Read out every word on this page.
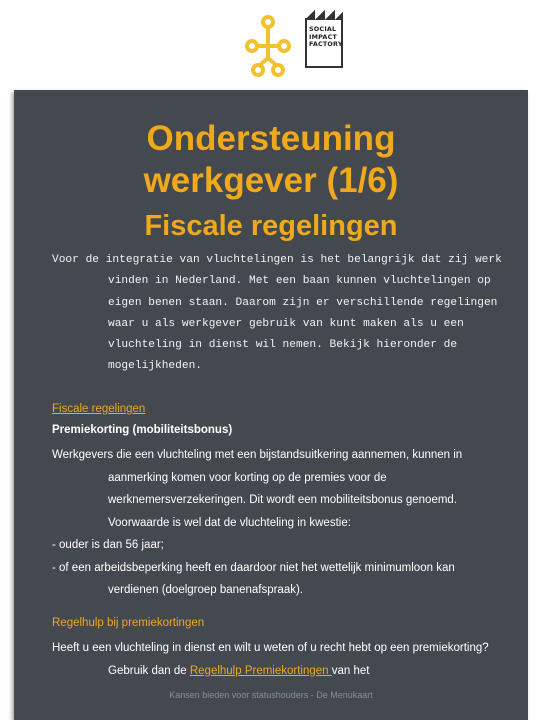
SOCIAL
IMPACT
FACTORY
Ondersteuning
werkgever (1/6)
Fiscale regelingen

Voor de integratie van vluchtelingen is het belangrijk dat zij werk vinden in Nederland. Met een baan kunnen vluchtelingen op eigen benen staan. Daarom zijn er verschillende regelingen waar u als werkgever gebruik van kunt maken als u een vluchteling in dienst wil nemen. Bekijk hieronder de mogelijkheden.

Fiscale regelingen
Premiekorting (mobiliteitsbonus)
Werkgevers die een vluchteling met een bijstandsuitkering aannemen, kunnen in aanmerking komen voor korting op de premies voor de werknemersverzekeringen. Dit wordt een mobiliteitsbonus genoemd. Voorwaarde is wel dat de vluchteling in kwestie:
- ouder is dan 56 jaar;
- of een arbeidsbeperking heeft en daardoor niet het wettelijk minimumloon kan verdienen (doelgroep banenafspraak).
Regelhulp bij premiekortingen

Heeft u een vluchteling in dienst en wilt u weten of u recht hebt op een premiekorting? Gebruik dan de Regelhulp Premiekortingen van het

Kansen bieden voor statushouders - De Menukaart
